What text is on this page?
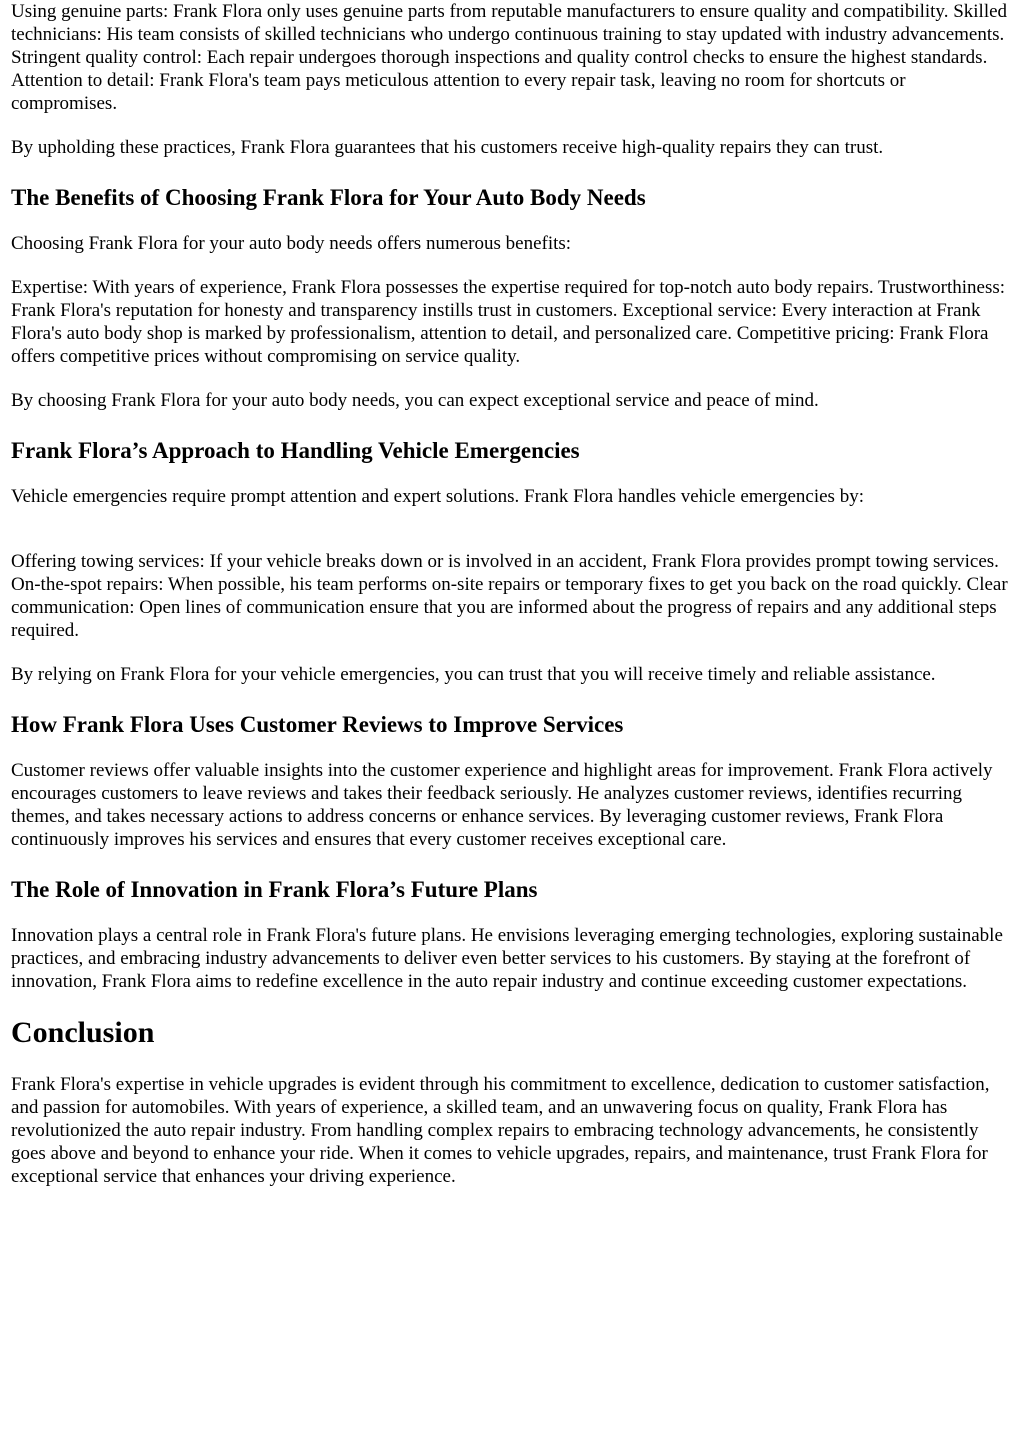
Using genuine parts: Frank Flora only uses genuine parts from reputable manufacturers to ensure quality and compatibility. Skilled technicians: His team consists of skilled technicians who undergo continuous training to stay updated with industry advancements. Stringent quality control: Each repair undergoes thorough inspections and quality control checks to ensure the highest standards. Attention to detail: Frank Flora's team pays meticulous attention to every repair task, leaving no room for shortcuts or compromises.

By upholding these practices, Frank Flora guarantees that his customers receive high-quality repairs they can trust.

The Benefits of Choosing Frank Flora for Your Auto Body Needs

Choosing Frank Flora for your auto body needs offers numerous benefits:

Expertise: With years of experience, Frank Flora possesses the expertise required for top-notch auto body repairs. Trustworthiness: Frank Flora's reputation for honesty and transparency instills trust in customers. Exceptional service: Every interaction at Frank Flora's auto body shop is marked by professionalism, attention to detail, and personalized care. Competitive pricing: Frank Flora offers competitive prices without compromising on service quality.

By choosing Frank Flora for your auto body needs, you can expect exceptional service and peace of mind.

Frank Flora’s Approach to Handling Vehicle Emergencies

Vehicle emergencies require prompt attention and expert solutions. Frank Flora handles vehicle emergencies by:

Offering towing services: If your vehicle breaks down or is involved in an accident, Frank Flora provides prompt towing services. On-the-spot repairs: When possible, his team performs on-site repairs or temporary fixes to get you back on the road quickly. Clear communication: Open lines of communication ensure that you are informed about the progress of repairs and any additional steps required.

By relying on Frank Flora for your vehicle emergencies, you can trust that you will receive timely and reliable assistance.

How Frank Flora Uses Customer Reviews to Improve Services

Customer reviews offer valuable insights into the customer experience and highlight areas for improvement. Frank Flora actively encourages customers to leave reviews and takes their feedback seriously. He analyzes customer reviews, identifies recurring themes, and takes necessary actions to address concerns or enhance services. By leveraging customer reviews, Frank Flora continuously improves his services and ensures that every customer receives exceptional care.

The Role of Innovation in Frank Flora’s Future Plans

Innovation plays a central role in Frank Flora's future plans. He envisions leveraging emerging technologies, exploring sustainable practices, and embracing industry advancements to deliver even better services to his customers. By staying at the forefront of innovation, Frank Flora aims to redefine excellence in the auto repair industry and continue exceeding customer expectations.

Conclusion

Frank Flora's expertise in vehicle upgrades is evident through his commitment to excellence, dedication to customer satisfaction, and passion for automobiles. With years of experience, a skilled team, and an unwavering focus on quality, Frank Flora has revolutionized the auto repair industry. From handling complex repairs to embracing technology advancements, he consistently goes above and beyond to enhance your ride. When it comes to vehicle upgrades, repairs, and maintenance, trust Frank Flora for exceptional service that enhances your driving experience.
